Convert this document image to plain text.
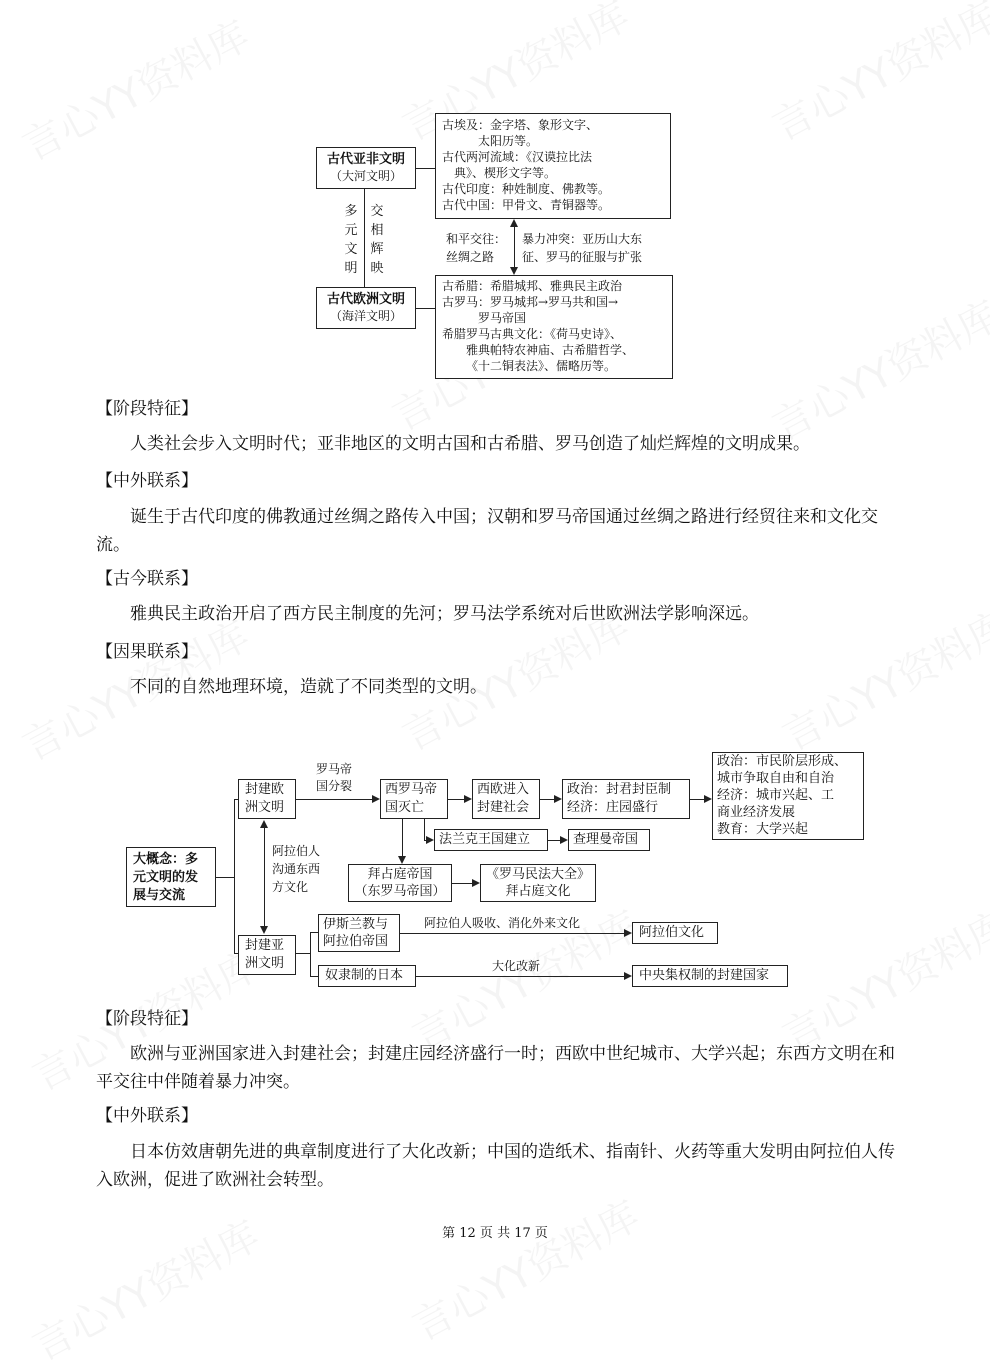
古代亚非文明
（大河文明）
古代欧洲文明
（海洋文明）
多元文明
交相辉映
古埃及：金字塔、象形文字、
太阳历等。
古代两河流域：《汉谟拉比法
典》、楔形文字等。
古代印度：种姓制度、佛教等。
古代中国：甲骨文、青铜器等。
和平交往：
丝绸之路
暴力冲突：亚历山大东
征、罗马的征服与扩张
古希腊：希腊城邦、雅典民主政治
古罗马：罗马城邦→罗马共和国→
罗马帝国
希腊罗马古典文化：《荷马史诗》、
雅典帕特农神庙、古希腊哲学、
《十二铜表法》、儒略历等。
【阶段特征】
人类社会步入文明时代；亚非地区的文明古国和古希腊、罗马创造了灿烂辉煌的文明成果。
【中外联系】
诞生于古代印度的佛教通过丝绸之路传入中国；汉朝和罗马帝国通过丝绸之路进行经贸往来和文化交流。
【古今联系】
雅典民主政治开启了西方民主制度的先河；罗马法学系统对后世欧洲法学影响深远。
【因果联系】
不同的自然地理环境，造就了不同类型的文明。
大概念：多
元文明的发
展与交流
封建欧
洲文明
封建亚
洲文明
阿拉伯人
沟通东西
方文化
罗马帝
国分裂	西罗马帝
国灭亡
西欧进入
封建社会
政治：封君封臣制
经济：庄园盛行
政治：市民阶层形成、
城市争取自由和自治
经济：城市兴起、工
商业经济发展
教育：大学兴起
法兰克王国建立	查理曼帝国
拜占庭帝国
（东罗马帝国）
《罗马民法大全》
拜占庭文化
伊斯兰教与
阿拉伯帝国
阿拉伯人吸收、消化外来文化
阿拉伯文化
奴隶制的日本
大化改新
中央集权制的封建国家
【阶段特征】
欧洲与亚洲国家进入封建社会；封建庄园经济盛行一时；西欧中世纪城市、大学兴起；东西方文明在和平交往中伴随着暴力冲突。
【中外联系】
日本仿效唐朝先进的典章制度进行了大化改新；中国的造纸术、指南针、火药等重大发明由阿拉伯人传入欧洲，促进了欧洲社会转型。
第 12 页 共 17 页
